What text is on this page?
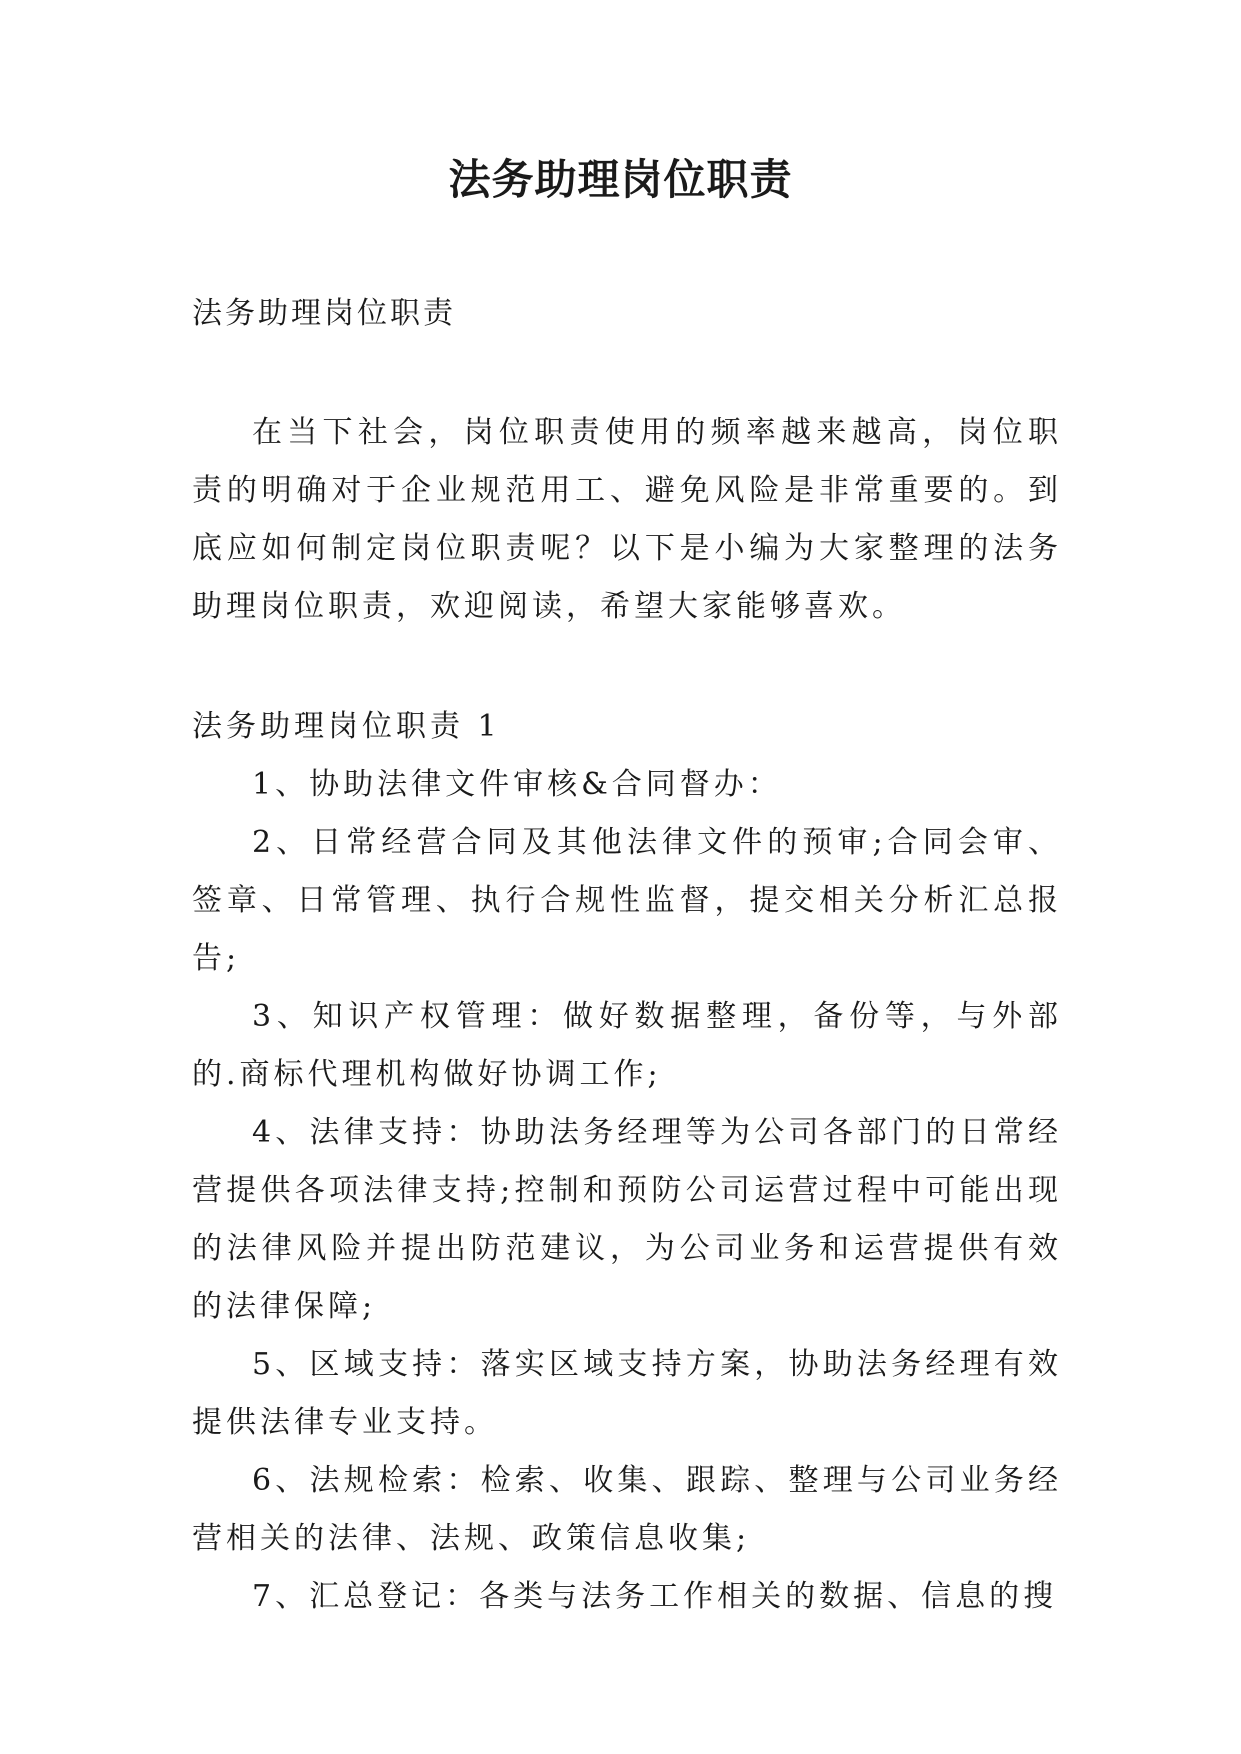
法务助理岗位职责
法务助理岗位职责

在当下社会，岗位职责使用的频率越来越高，岗位职责的明确对于企业规范用工、避免风险是非常重要的。到底应如何制定岗位职责呢？以下是小编为大家整理的法务助理岗位职责，欢迎阅读，希望大家能够喜欢。

法务助理岗位职责 1

1、协助法律文件审核&合同督办：

2、日常经营合同及其他法律文件的预审;合同会审、签章、日常管理、执行合规性监督，提交相关分析汇总报告;

3、知识产权管理：做好数据整理，备份等，与外部的.商标代理机构做好协调工作;

4、法律支持：协助法务经理等为公司各部门的日常经营提供各项法律支持;控制和预防公司运营过程中可能出现的法律风险并提出防范建议，为公司业务和运营提供有效的法律保障;

5、区域支持：落实区域支持方案，协助法务经理有效提供法律专业支持。

6、法规检索：检索、收集、跟踪、整理与公司业务经营相关的法律、法规、政策信息收集;

7、汇总登记：各类与法务工作相关的数据、信息的搜
